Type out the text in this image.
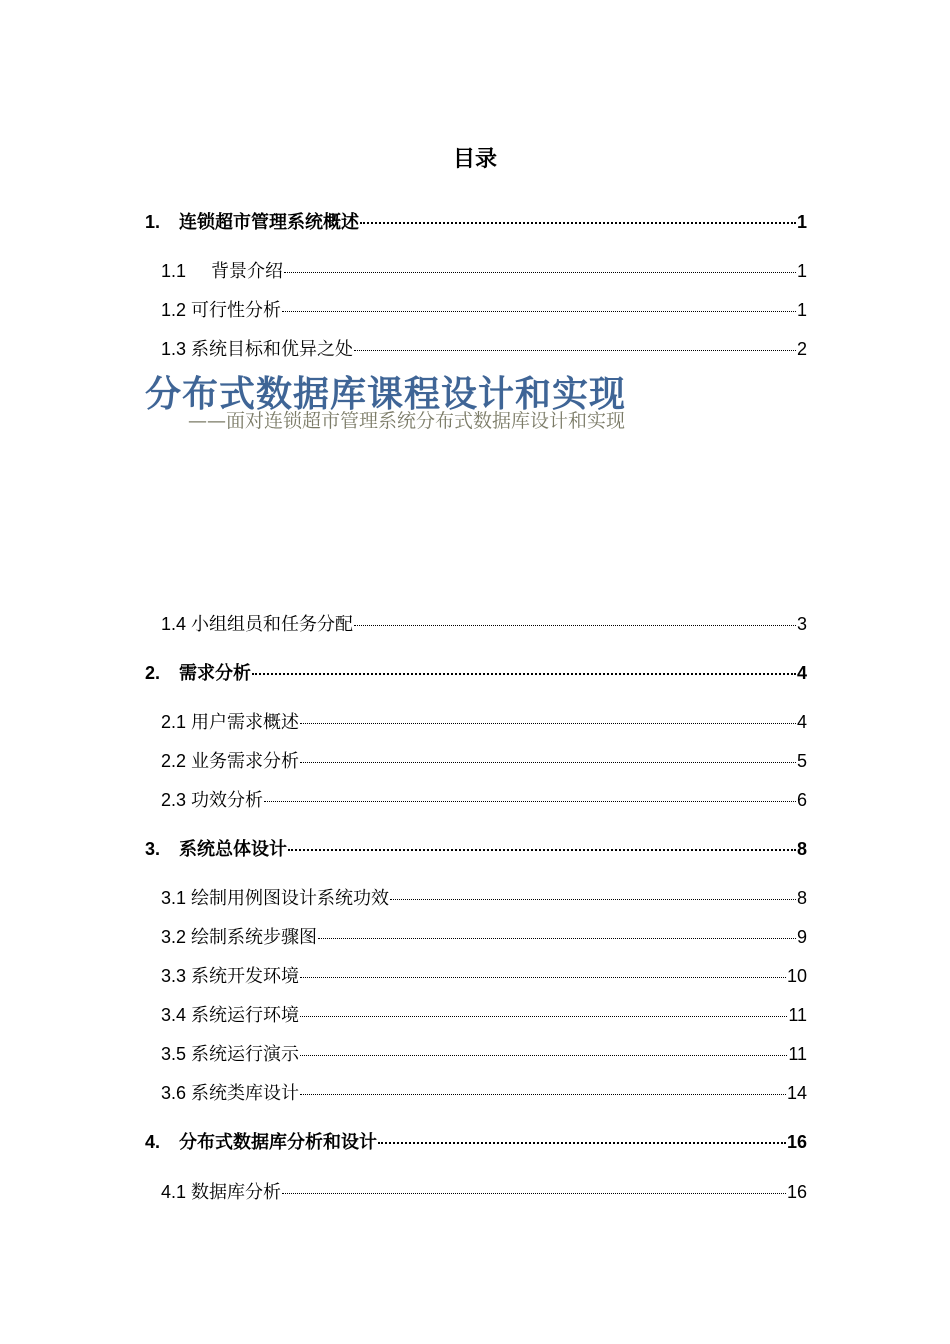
目录
1.	连锁超市管理系统概述	1
1.1	背景介绍	1
1.2 可行性分析	1
1.3 系统目标和优异之处	2
分布式数据库课程设计和实现
——面对连锁超市管理系统分布式数据库设计和实现
1.4 小组组员和任务分配	3
2.	需求分析	4
2.1 用户需求概述	4
2.2 业务需求分析	5
2.3 功效分析	6
3.	系统总体设计	8
3.1 绘制用例图设计系统功效	8
3.2 绘制系统步骤图	9
3.3 系统开发环境	10
3.4 系统运行环境	11
3.5 系统运行演示	11
3.6 系统类库设计	14
4.	分布式数据库分析和设计	16
4.1 数据库分析	16
